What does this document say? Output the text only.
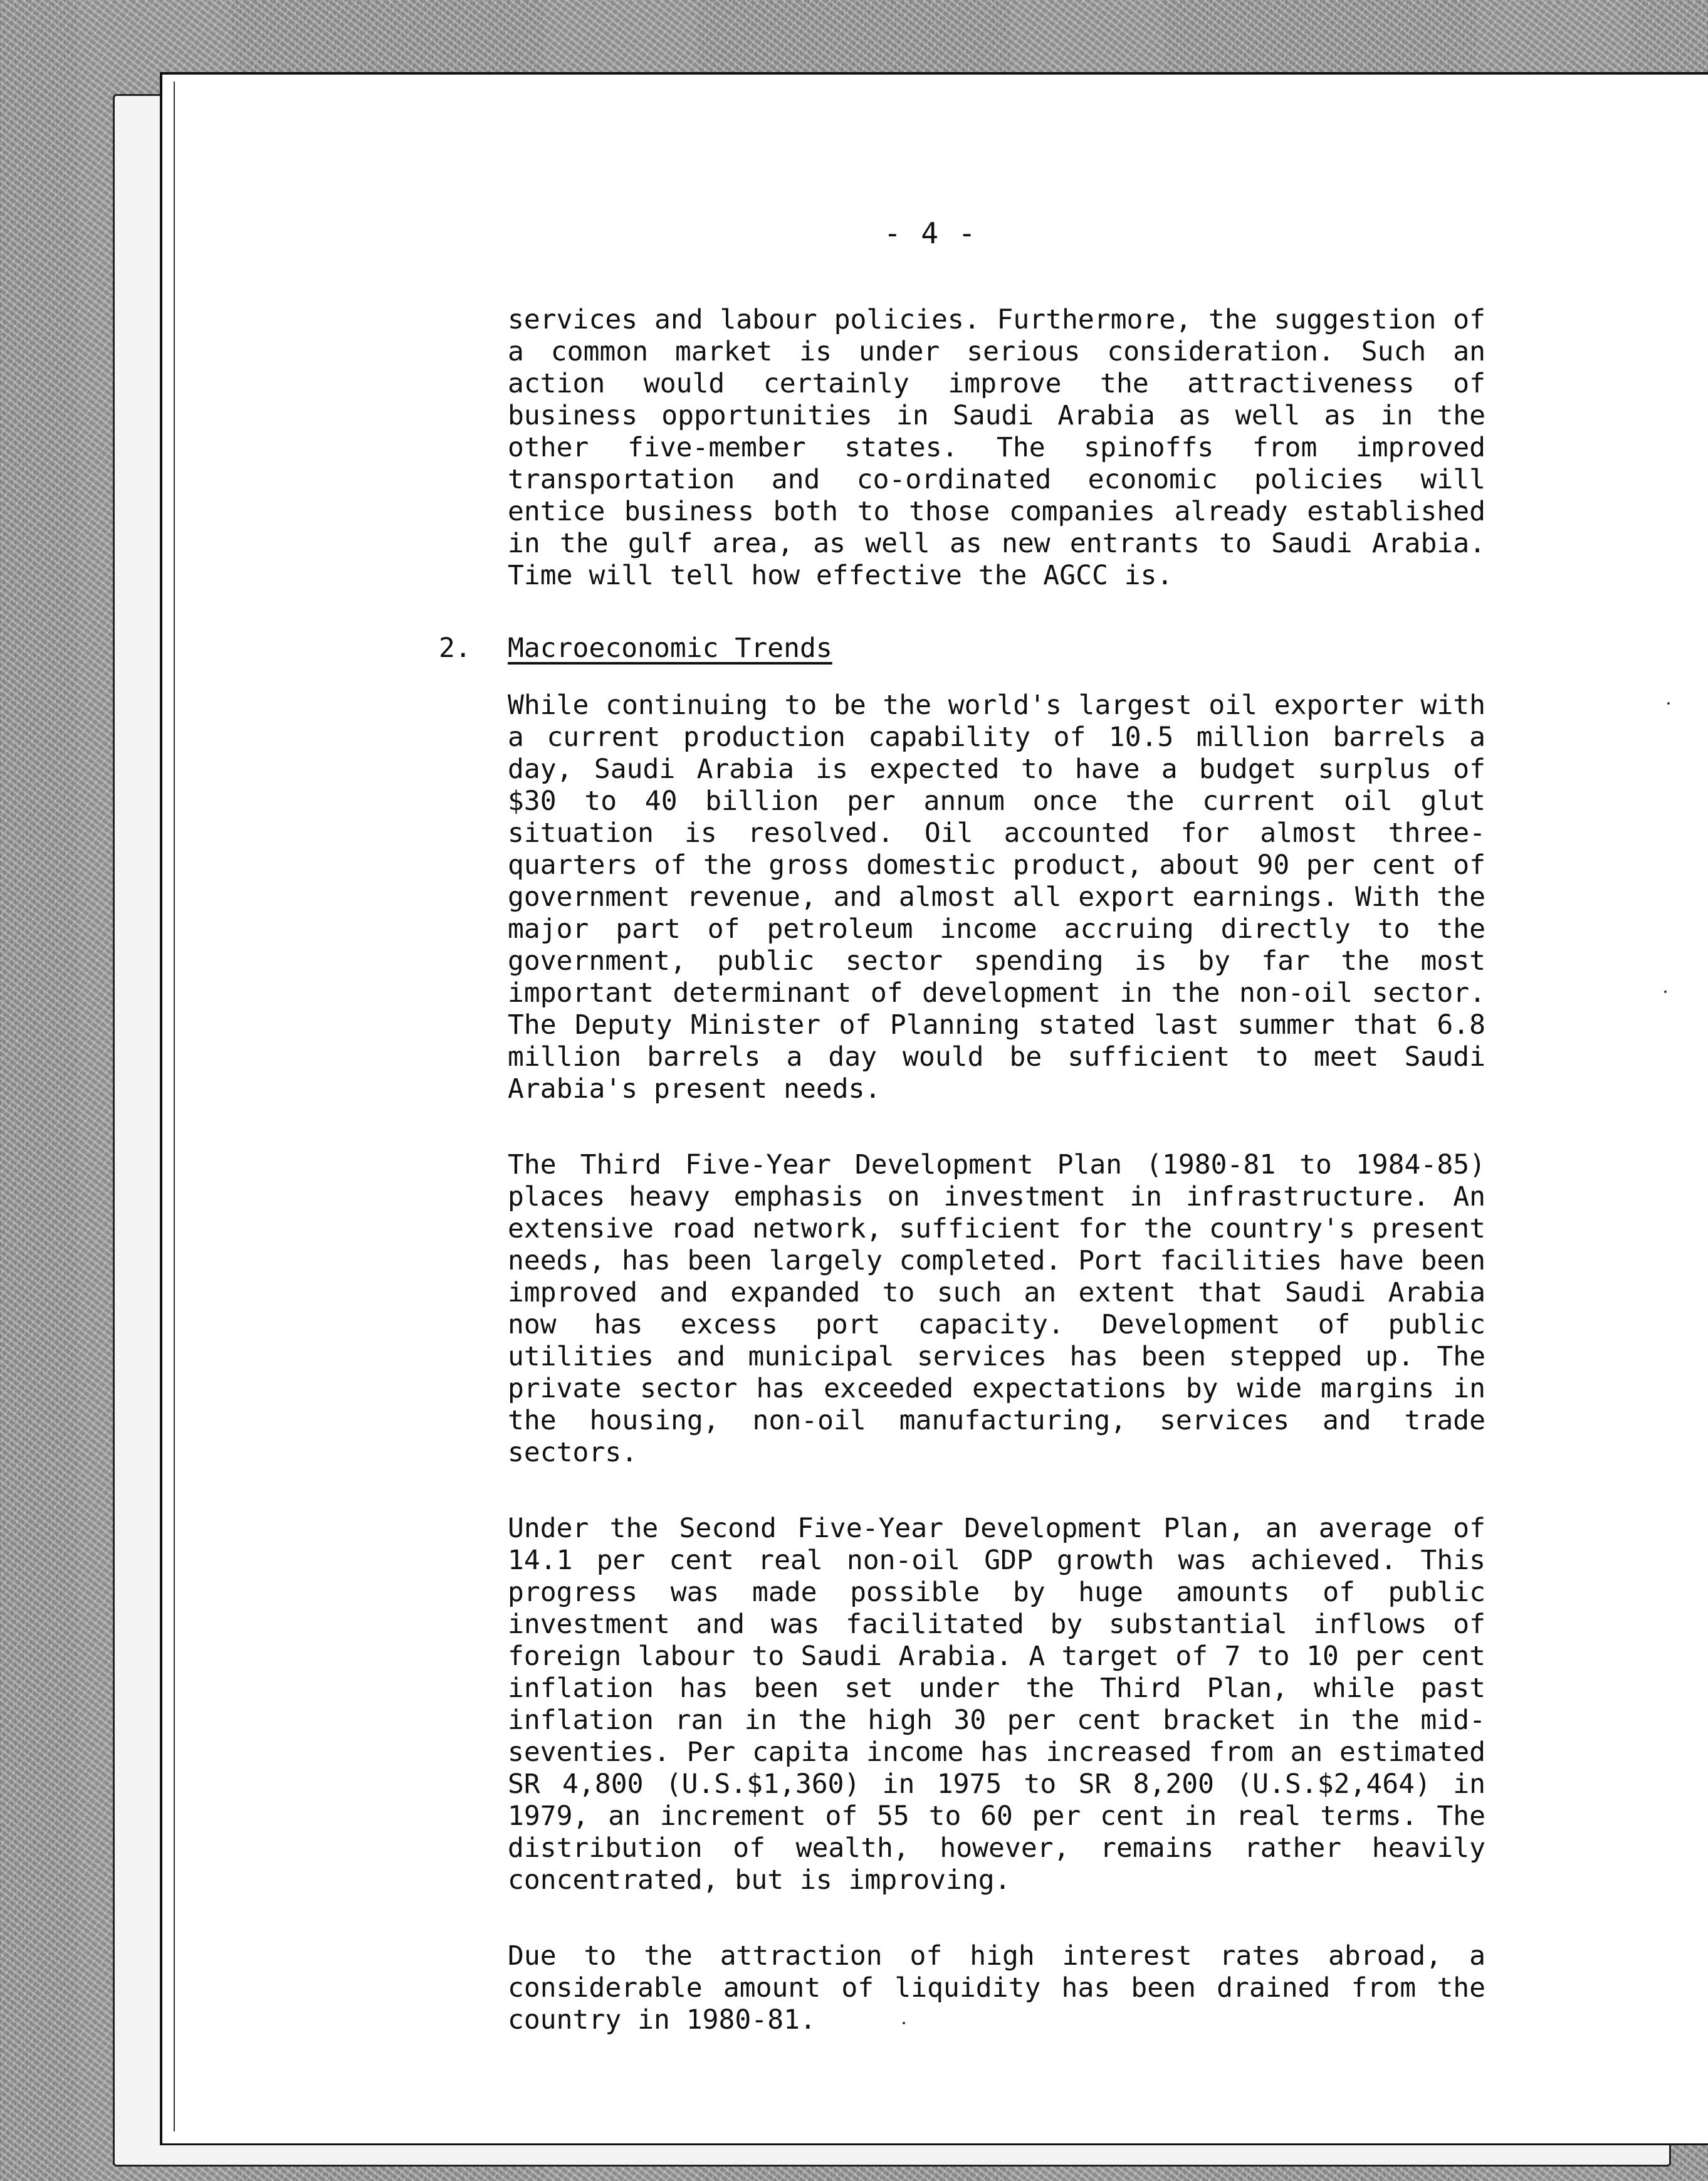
- 4 -

services and labour policies. Furthermore, the suggestion of a common market is under serious consideration. Such an action would certainly improve the attractiveness of business opportunities in Saudi Arabia as well as in the other five-member states. The spinoffs from improved transportation and co-ordinated economic policies will entice business both to those companies already established in the gulf area, as well as new entrants to Saudi Arabia. Time will tell how effective the AGCC is.

2. Macroeconomic Trends

While continuing to be the world's largest oil exporter with a current production capability of 10.5 million barrels a day, Saudi Arabia is expected to have a budget surplus of $30 to 40 billion per annum once the current oil glut situation is resolved. Oil accounted for almost three-quarters of the gross domestic product, about 90 per cent of government revenue, and almost all export earnings. With the major part of petroleum income accruing directly to the government, public sector spending is by far the most important determinant of development in the non-oil sector. The Deputy Minister of Planning stated last summer that 6.8 million barrels a day would be sufficient to meet Saudi Arabia's present needs.

The Third Five-Year Development Plan (1980-81 to 1984-85) places heavy emphasis on investment in infrastructure. An extensive road network, sufficient for the country's present needs, has been largely completed. Port facilities have been improved and expanded to such an extent that Saudi Arabia now has excess port capacity. Development of public utilities and municipal services has been stepped up. The private sector has exceeded expectations by wide margins in the housing, non-oil manufacturing, services and trade sectors.

Under the Second Five-Year Development Plan, an average of 14.1 per cent real non-oil GDP growth was achieved. This progress was made possible by huge amounts of public investment and was facilitated by substantial inflows of foreign labour to Saudi Arabia. A target of 7 to 10 per cent inflation has been set under the Third Plan, while past inflation ran in the high 30 per cent bracket in the mid-seventies. Per capita income has increased from an estimated SR 4,800 (U.S.$1,360) in 1975 to SR 8,200 (U.S.$2,464) in 1979, an increment of 55 to 60 per cent in real terms. The distribution of wealth, however, remains rather heavily concentrated, but is improving.

Due to the attraction of high interest rates abroad, a considerable amount of liquidity has been drained from the country in 1980-81.
